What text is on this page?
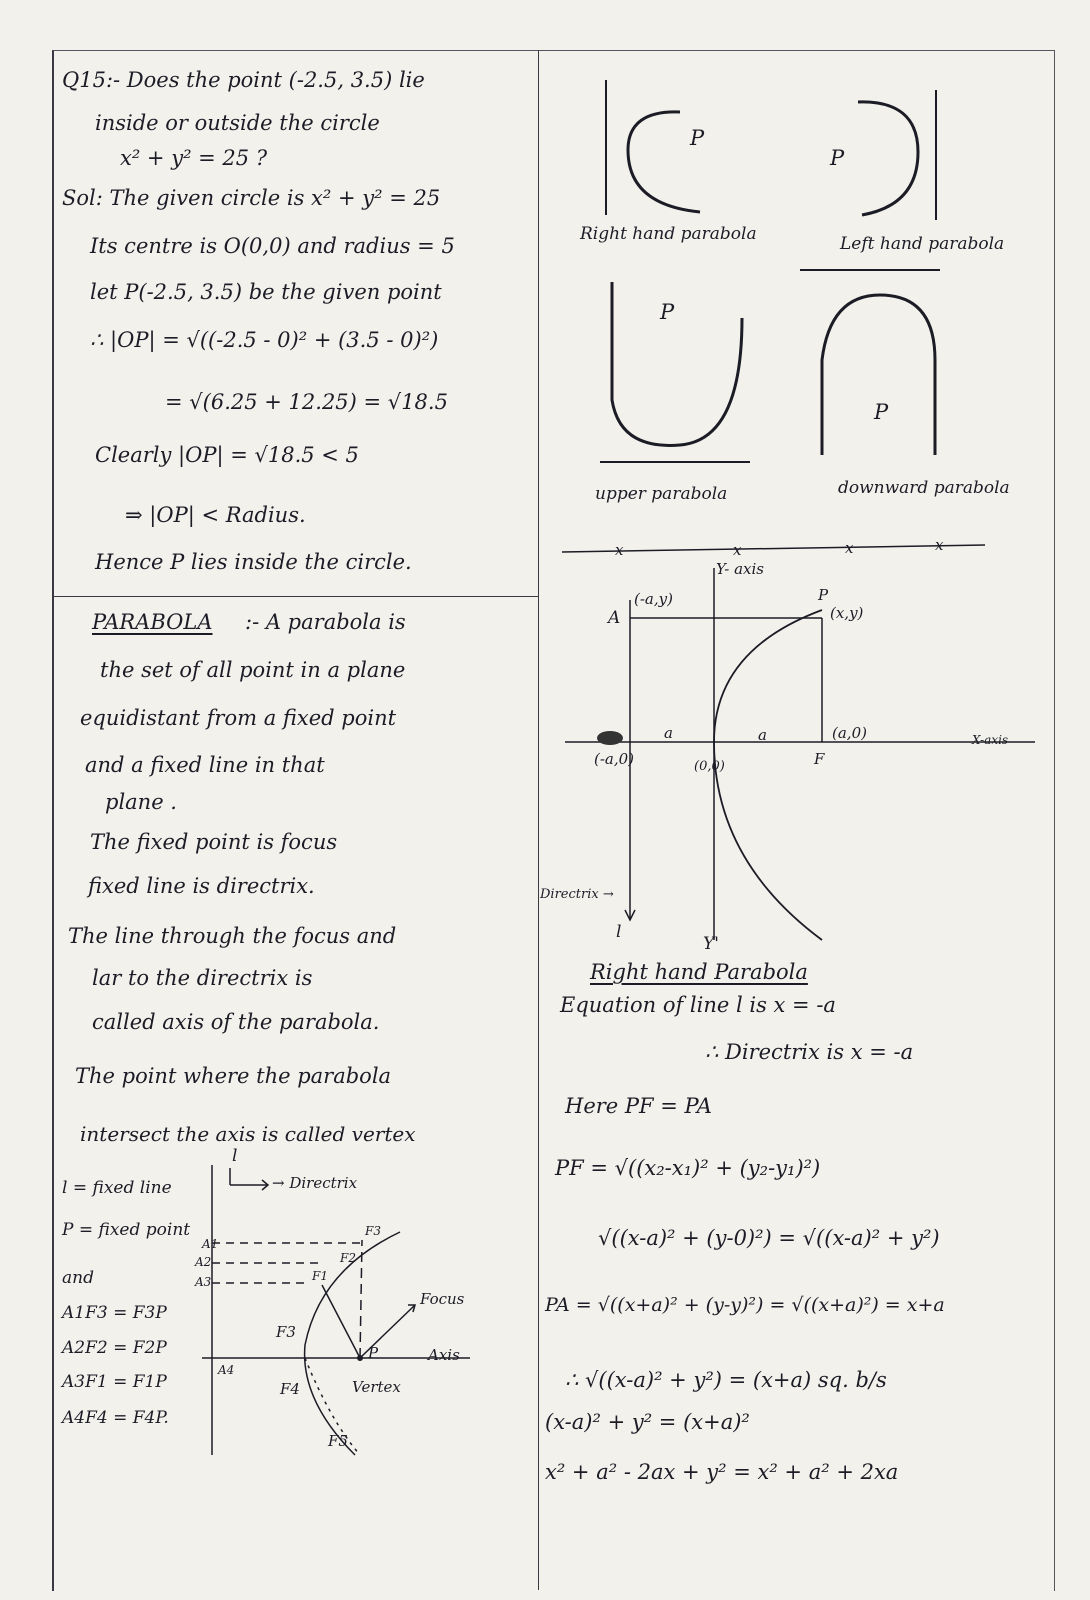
Q15:- Does the point (-2.5, 3.5) lie
inside or outside the circle
x² + y² = 25 ?
Sol: The given circle is x² + y² = 25
Its centre is O(0,0) and radius = 5
let P(-2.5, 3.5) be the given point
∴ |OP| = √((-2.5 - 0)² + (3.5 - 0)²)
= √(6.25 + 12.25) = √18.5
Clearly |OP| = √18.5 < 5
⇒ |OP| < Radius.
Hence P lies inside the circle.
PARABOLA :- A parabola is
the set of all point in a plane
equidistant from a fixed point
and a fixed line in that
plane .
The fixed point is focus
fixed line is directrix.
The line through the focus and
lar to the directrix is
called axis of the parabola.
The point where the parabola
intersect the axis is called vertex
l = fixed line
P = fixed point
and
A1F3 = F3P
A2F2 = F2P
A3F1 = F1P
A4F4 = F4P.
l
→ Directrix
Focus
Axis
Vertex
P
A1
A2
A3
A4
F1
F2
F3
F3
F4
F5
P
P
P
P
Right hand parabola	Left hand parabola
upper parabola	downward parabola
x	x	x	x
Y- axis
A
(-a,y)	P
(x,y)
(-a,0)	(0,0)
(a,0)
F
a	a	X-axis
Directrix →
l
Y'
Right hand Parabola
Equation of line l is x = -a
∴ Directrix is x = -a
Here PF = PA
PF = √((x₂-x₁)² + (y₂-y₁)²)
√((x-a)² + (y-0)²) = √((x-a)² + y²)
PA = √((x+a)² + (y-y)²) = √((x+a)²) = x+a
∴ √((x-a)² + y²) = (x+a) sq. b/s
(x-a)² + y² = (x+a)²
x² + a² - 2ax + y² = x² + a² + 2xa
